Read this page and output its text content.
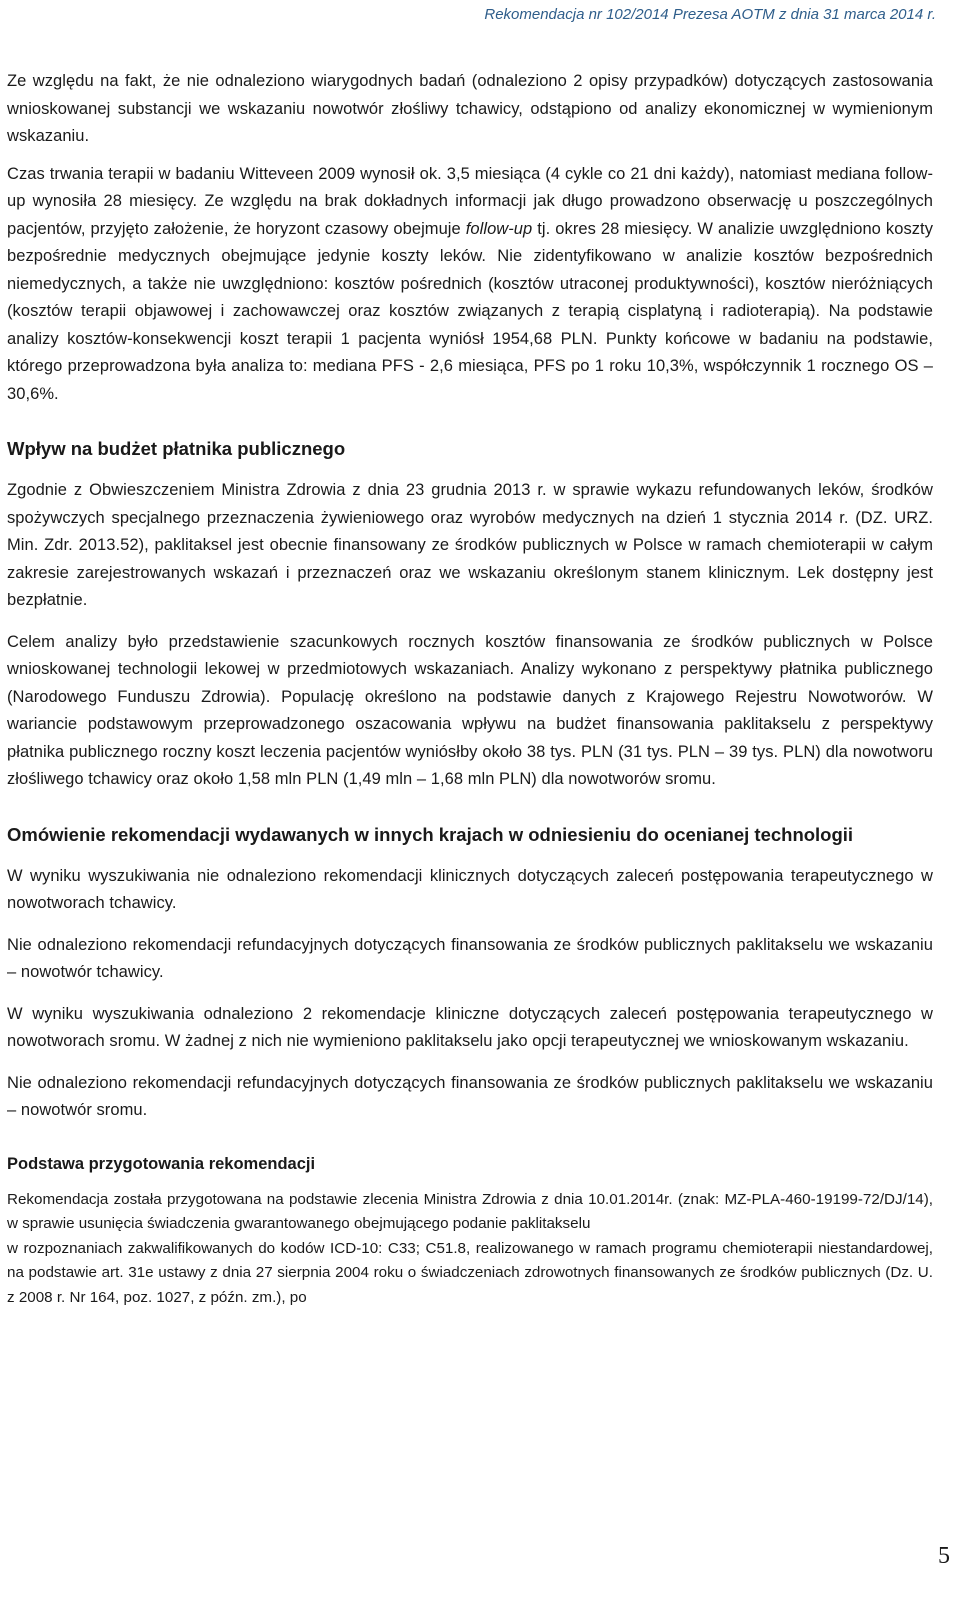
Rekomendacja nr 102/2014 Prezesa AOTM z dnia 31 marca 2014 r.

Ze względu na fakt, że nie odnaleziono wiarygodnych badań (odnaleziono 2 opisy przypadków) dotyczących zastosowania wnioskowanej substancji we wskazaniu nowotwór złośliwy tchawicy, odstąpiono od analizy ekonomicznej w wymienionym wskazaniu.

Czas trwania terapii w badaniu Witteveen 2009 wynosił ok. 3,5 miesiąca (4 cykle co 21 dni każdy), natomiast mediana follow-up wynosiła 28 miesięcy. Ze względu na brak dokładnych informacji jak długo prowadzono obserwację u poszczególnych pacjentów, przyjęto założenie, że horyzont czasowy obejmuje follow-up tj. okres 28 miesięcy. W analizie uwzględniono koszty bezpośrednie medycznych obejmujące jedynie koszty leków. Nie zidentyfikowano w analizie kosztów bezpośrednich niemedycznych, a także nie uwzględniono: kosztów pośrednich (kosztów utraconej produktywności), kosztów nieróżniących (kosztów terapii objawowej i zachowawczej oraz kosztów związanych z terapią cisplatyną i radioterapią). Na podstawie analizy kosztów-konsekwencji koszt terapii 1 pacjenta wyniósł 1954,68 PLN. Punkty końcowe w badaniu na podstawie, którego przeprowadzona była analiza to: mediana PFS - 2,6 miesiąca, PFS po 1 roku 10,3%, współczynnik 1 rocznego OS – 30,6%.

Wpływ na budżet płatnika publicznego

Zgodnie z Obwieszczeniem Ministra Zdrowia z dnia 23 grudnia 2013 r. w sprawie wykazu refundowanych leków, środków spożywczych specjalnego przeznaczenia żywieniowego oraz wyrobów medycznych na dzień 1 stycznia 2014 r. (DZ. URZ. Min. Zdr. 2013.52), paklitaksel jest obecnie finansowany ze środków publicznych w Polsce w ramach chemioterapii w całym zakresie zarejestrowanych wskazań i przeznaczeń oraz we wskazaniu określonym stanem klinicznym. Lek dostępny jest bezpłatnie.

Celem analizy było przedstawienie szacunkowych rocznych kosztów finansowania ze środków publicznych w Polsce wnioskowanej technologii lekowej w przedmiotowych wskazaniach. Analizy wykonano z perspektywy płatnika publicznego (Narodowego Funduszu Zdrowia). Populację określono na podstawie danych z Krajowego Rejestru Nowotworów. W wariancie podstawowym przeprowadzonego oszacowania wpływu na budżet finansowania paklitakselu z perspektywy płatnika publicznego roczny koszt leczenia pacjentów wyniósłby około 38 tys. PLN (31 tys. PLN – 39 tys. PLN) dla nowotworu złośliwego tchawicy oraz około 1,58 mln PLN (1,49 mln – 1,68 mln PLN) dla nowotworów sromu.

Omówienie rekomendacji wydawanych w innych krajach w odniesieniu do ocenianej technologii

W wyniku wyszukiwania nie odnaleziono rekomendacji klinicznych dotyczących zaleceń postępowania terapeutycznego w nowotworach tchawicy.

Nie odnaleziono rekomendacji refundacyjnych dotyczących finansowania ze środków publicznych paklitakselu we wskazaniu – nowotwór tchawicy.

W wyniku wyszukiwania odnaleziono 2 rekomendacje kliniczne dotyczących zaleceń postępowania terapeutycznego w nowotworach sromu. W żadnej z nich nie wymieniono paklitakselu jako opcji terapeutycznej we wnioskowanym wskazaniu.

Nie odnaleziono rekomendacji refundacyjnych dotyczących finansowania ze środków publicznych paklitakselu we wskazaniu – nowotwór sromu.

Podstawa przygotowania rekomendacji

Rekomendacja została przygotowana na podstawie zlecenia Ministra Zdrowia z dnia 10.01.2014r. (znak: MZ-PLA-460-19199-72/DJ/14), w sprawie usunięcia świadczenia gwarantowanego obejmującego podanie paklitakselu

w rozpoznaniach zakwalifikowanych do kodów ICD-10: C33; C51.8, realizowanego w ramach programu chemioterapii niestandardowej, na podstawie art. 31e ustawy z dnia 27 sierpnia 2004 roku o świadczeniach zdrowotnych finansowanych ze środków publicznych (Dz. U. z 2008 r. Nr 164, poz. 1027, z późn. zm.), po

5
